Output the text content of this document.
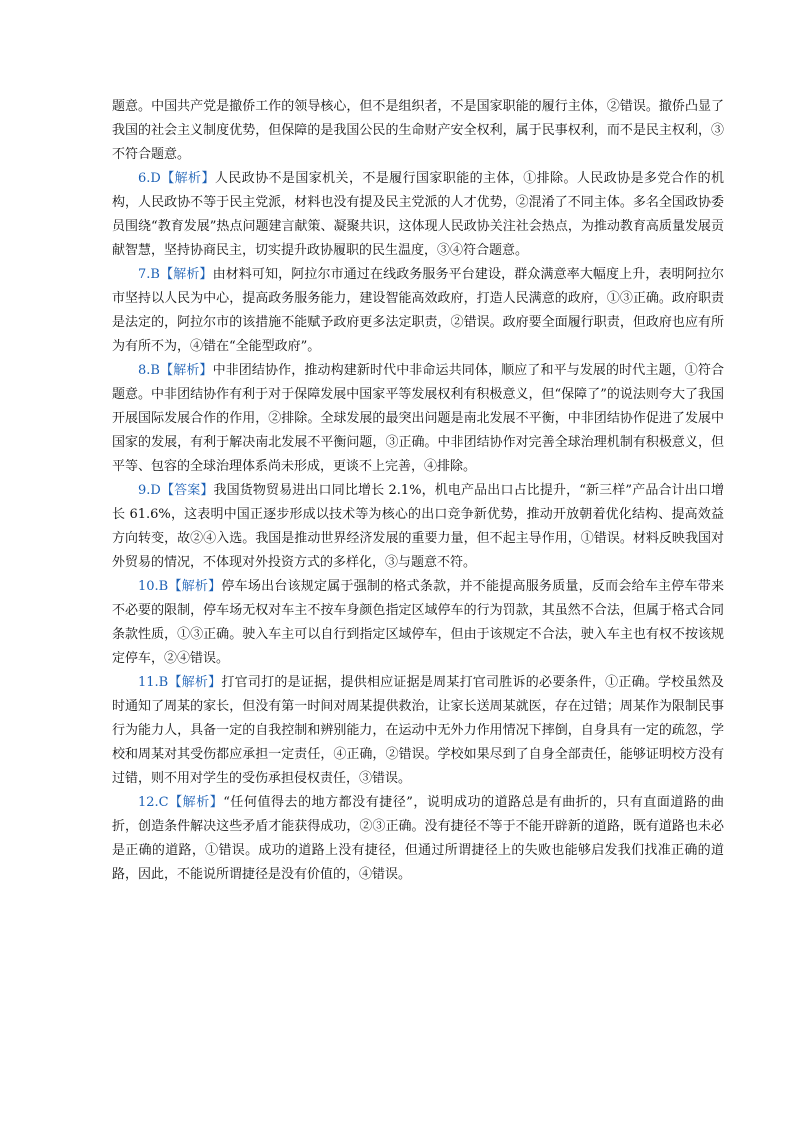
题意。中国共产党是撤侨工作的领导核心，但不是组织者，不是国家职能的履行主体，②错误。撤侨凸显了我国的社会主义制度优势，但保障的是我国公民的生命财产安全权利，属于民事权利，而不是民主权利，③不符合题意。

6.D【解析】人民政协不是国家机关，不是履行国家职能的主体，①排除。人民政协是多党合作的机构，人民政协不等于民主党派，材料也没有提及民主党派的人才优势，②混淆了不同主体。多名全国政协委员围绕“教育发展”热点问题建言献策、凝聚共识，这体现人民政协关注社会热点，为推动教育高质量发展贡献智慧，坚持协商民主，切实提升政协履职的民生温度，③④符合题意。

7.B【解析】由材料可知，阿拉尔市通过在线政务服务平台建设，群众满意率大幅度上升，表明阿拉尔市坚持以人民为中心，提高政务服务能力，建设智能高效政府，打造人民满意的政府，①③正确。政府职责是法定的，阿拉尔市的该措施不能赋予政府更多法定职责，②错误。政府要全面履行职责，但政府也应有所为有所不为，④错在“全能型政府”。

8.B【解析】中非团结协作，推动构建新时代中非命运共同体，顺应了和平与发展的时代主题，①符合题意。中非团结协作有利于对于保障发展中国家平等发展权利有积极意义，但“保障了”的说法则夸大了我国开展国际发展合作的作用，②排除。全球发展的最突出问题是南北发展不平衡，中非团结协作促进了发展中国家的发展，有利于解决南北发展不平衡问题，③正确。中非团结协作对完善全球治理机制有积极意义，但平等、包容的全球治理体系尚未形成，更谈不上完善，④排除。

9.D【答案】我国货物贸易进出口同比增长 2.1%，机电产品出口占比提升，“新三样”产品合计出口增长 61.6%，这表明中国正逐步形成以技术等为核心的出口竞争新优势，推动开放朝着优化结构、提高效益方向转变，故②④入选。我国是推动世界经济发展的重要力量，但不起主导作用，①错误。材料反映我国对外贸易的情况，不体现对外投资方式的多样化，③与题意不符。

10.B【解析】停车场出台该规定属于强制的格式条款，并不能提高服务质量，反而会给车主停车带来不必要的限制，停车场无权对车主不按车身颜色指定区域停车的行为罚款，其虽然不合法，但属于格式合同条款性质，①③正确。驶入车主可以自行到指定区域停车，但由于该规定不合法，驶入车主也有权不按该规定停车，②④错误。

11.B【解析】打官司打的是证据，提供相应证据是周某打官司胜诉的必要条件，①正确。学校虽然及时通知了周某的家长，但没有第一时间对周某提供救治，让家长送周某就医，存在过错；周某作为限制民事行为能力人，具备一定的自我控制和辨别能力，在运动中无外力作用情况下摔倒，自身具有一定的疏忽，学校和周某对其受伤都应承担一定责任，④正确，②错误。学校如果尽到了自身全部责任，能够证明校方没有过错，则不用对学生的受伤承担侵权责任，③错误。

12.C【解析】“任何值得去的地方都没有捷径”，说明成功的道路总是有曲折的，只有直面道路的曲折，创造条件解决这些矛盾才能获得成功，②③正确。没有捷径不等于不能开辟新的道路，既有道路也未必是正确的道路，①错误。成功的道路上没有捷径，但通过所谓捷径上的失败也能够启发我们找准正确的道路，因此，不能说所谓捷径是没有价值的，④错误。
